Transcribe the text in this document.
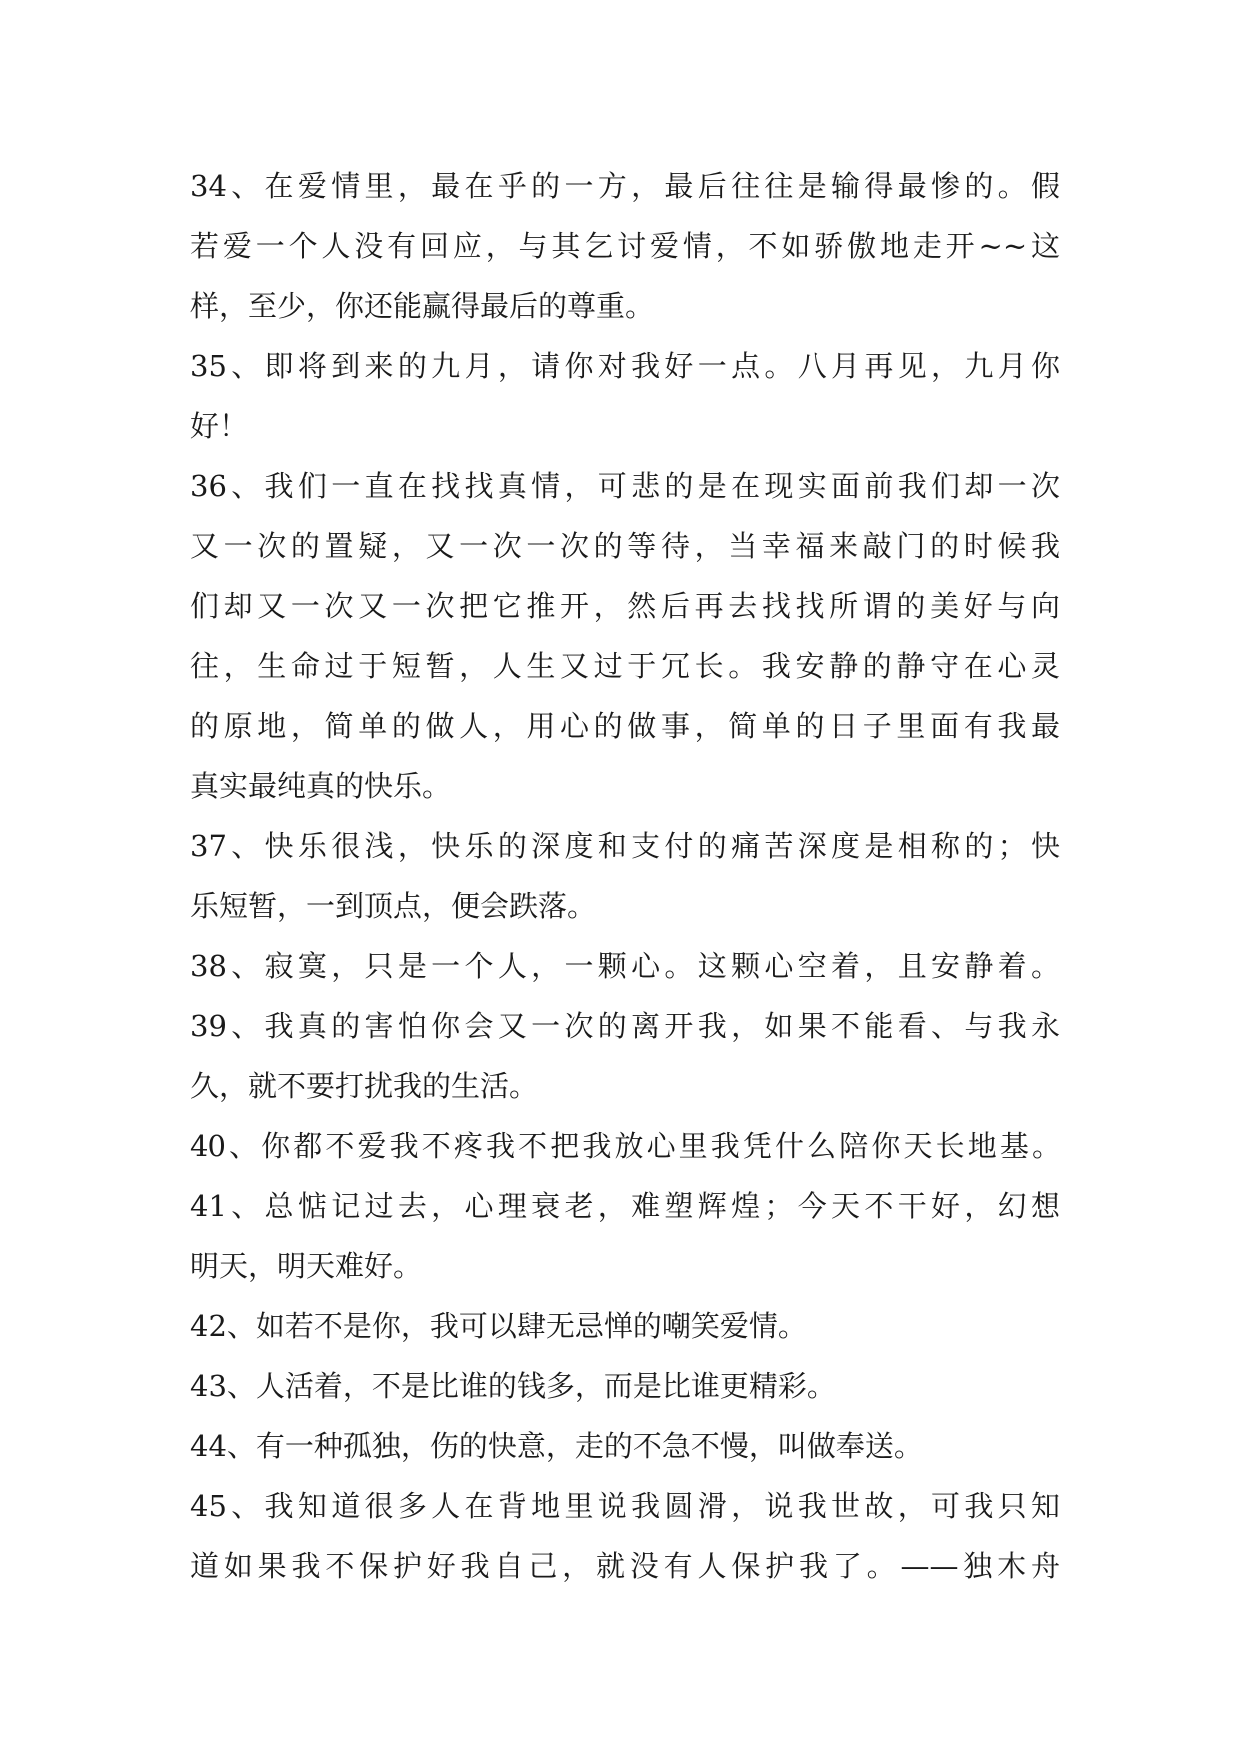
34、在爱情里，最在乎的一方，最后往往是输得最惨的。假
若爱一个人没有回应，与其乞讨爱情，不如骄傲地走开~~这
样，至少，你还能赢得最后的尊重。
35、即将到来的九月，请你对我好一点。八月再见，九月你
好！
36、我们一直在找找真情，可悲的是在现实面前我们却一次
又一次的置疑，又一次一次的等待，当幸福来敲门的时候我
们却又一次又一次把它推开，然后再去找找所谓的美好与向
往，生命过于短暂，人生又过于冗长。我安静的静守在心灵
的原地，简单的做人，用心的做事，简单的日子里面有我最
真实最纯真的快乐。
37、快乐很浅，快乐的深度和支付的痛苦深度是相称的；快
乐短暂，一到顶点，便会跌落。
38、寂寞，只是一个人，一颗心。这颗心空着，且安静着。
39、我真的害怕你会又一次的离开我，如果不能看、与我永
久，就不要打扰我的生活。
40、你都不爱我不疼我不把我放心里我凭什么陪你天长地基。
41、总惦记过去，心理衰老，难塑辉煌；今天不干好，幻想
明天，明天难好。
42、如若不是你，我可以肆无忌惮的嘲笑爱情。
43、人活着，不是比谁的钱多，而是比谁更精彩。
44、有一种孤独，伤的快意，走的不急不慢，叫做奉送。
45、我知道很多人在背地里说我圆滑，说我世故，可我只知
道如果我不保护好我自己，就没有人保护我了。——独木舟
